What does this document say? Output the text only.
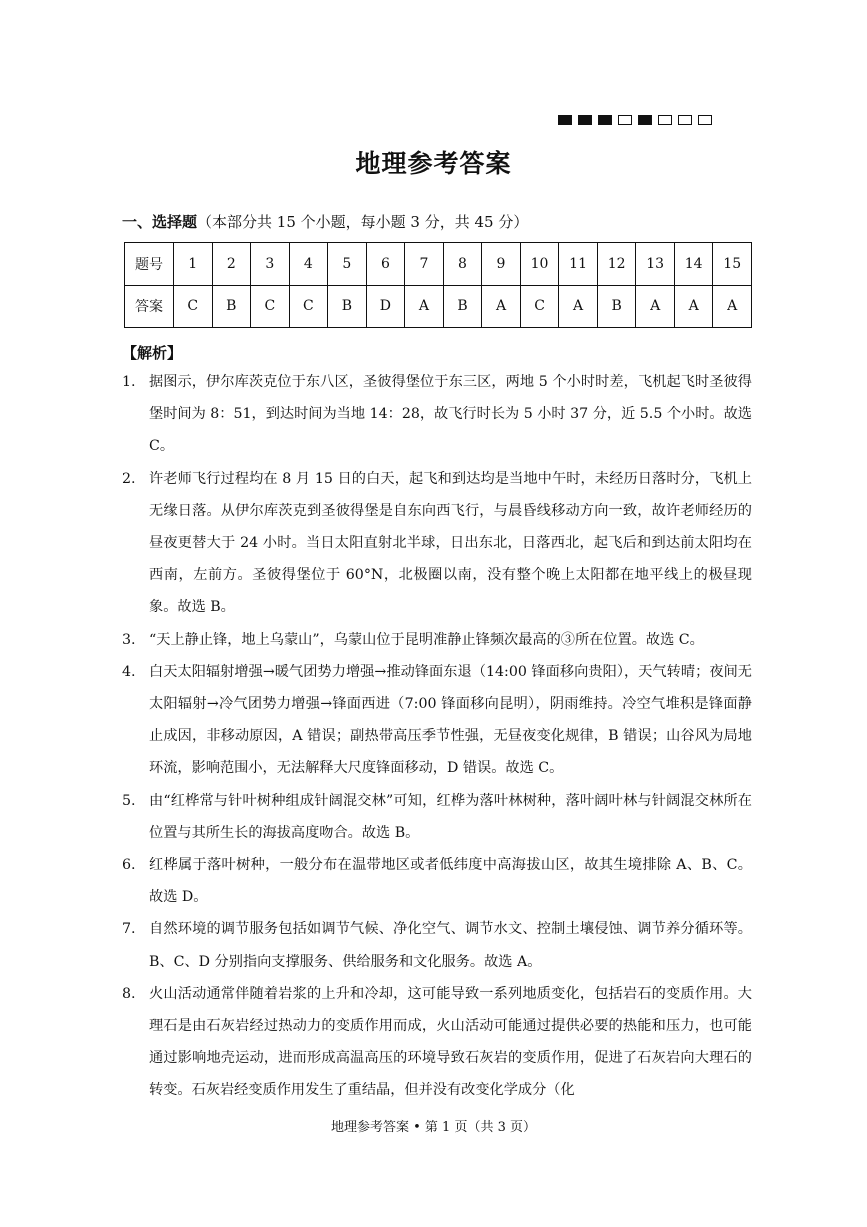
地理参考答案
一、选择题（本部分共 15 个小题，每小题 3 分，共 45 分）
题号	1	2	3	4	5	6	7	8	9	10	11	12	13	14	15
答案	C	B	C	C	B	D	A	B	A	C	A	B	A	A	A
【解析】
1. 据图示，伊尔库茨克位于东八区，圣彼得堡位于东三区，两地 5 个小时时差，飞机起飞时圣彼得堡时间为 8：51，到达时间为当地 14：28，故飞行时长为 5 小时 37 分，近 5.5 个小时。故选 C。
2. 许老师飞行过程均在 8 月 15 日的白天，起飞和到达均是当地中午时，未经历日落时分，飞机上无缘日落。从伊尔库茨克到圣彼得堡是自东向西飞行，与晨昏线移动方向一致，故许老师经历的昼夜更替大于 24 小时。当日太阳直射北半球，日出东北，日落西北，起飞后和到达前太阳均在西南，左前方。圣彼得堡位于 60°N，北极圈以南，没有整个晚上太阳都在地平线上的极昼现象。故选 B。
3. “天上静止锋，地上乌蒙山”，乌蒙山位于昆明准静止锋频次最高的③所在位置。故选 C。
4. 白天太阳辐射增强→暖气团势力增强→推动锋面东退（14:00 锋面移向贵阳），天气转晴；夜间无太阳辐射→冷气团势力增强→锋面西进（7:00 锋面移向昆明），阴雨维持。冷空气堆积是锋面静止成因，非移动原因，A 错误；副热带高压季节性强，无昼夜变化规律，B 错误；山谷风为局地环流，影响范围小，无法解释大尺度锋面移动，D 错误。故选 C。
5. 由“红桦常与针叶树种组成针阔混交林”可知，红桦为落叶林树种，落叶阔叶林与针阔混交林所在位置与其所生长的海拔高度吻合。故选 B。
6. 红桦属于落叶树种，一般分布在温带地区或者低纬度中高海拔山区，故其生境排除 A、B、C。故选 D。
7. 自然环境的调节服务包括如调节气候、净化空气、调节水文、控制土壤侵蚀、调节养分循环等。B、C、D 分别指向支撑服务、供给服务和文化服务。故选 A。
8. 火山活动通常伴随着岩浆的上升和冷却，这可能导致一系列地质变化，包括岩石的变质作用。大理石是由石灰岩经过热动力的变质作用而成，火山活动可能通过提供必要的热能和压力，也可能通过影响地壳运动，进而形成高温高压的环境导致石灰岩的变质作用，促进了石灰岩向大理石的转变。石灰岩经变质作用发生了重结晶，但并没有改变化学成分（化
地理参考答案 • 第 1 页（共 3 页）
